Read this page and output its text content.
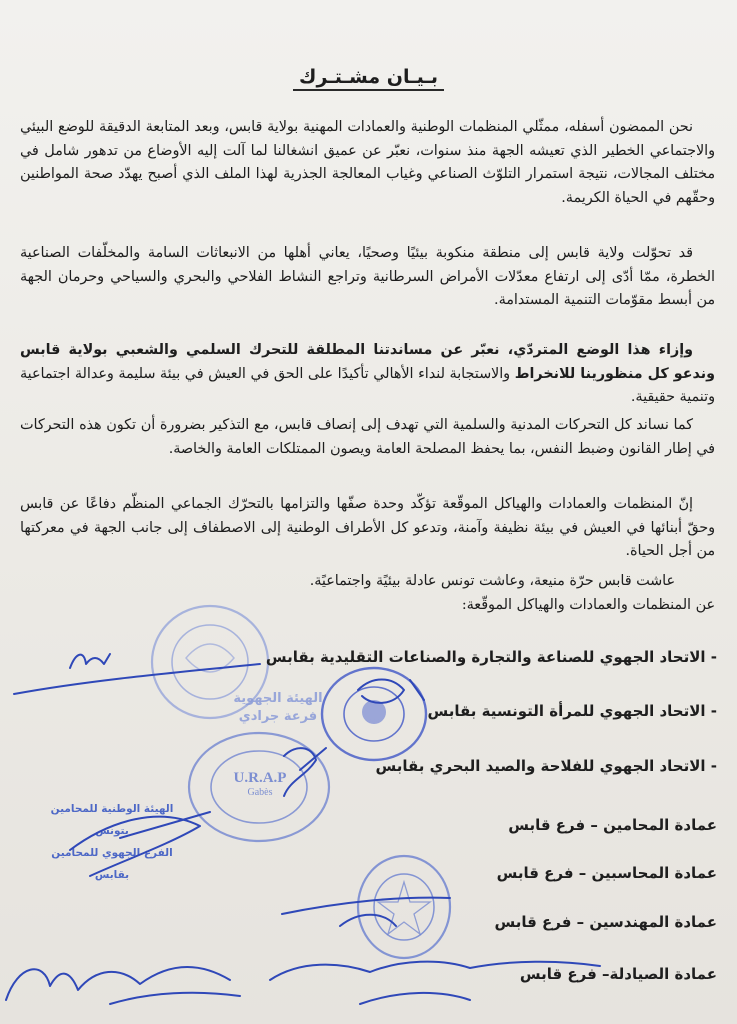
بـيـان مشـتـرك

نحن الممضون أسفله، ممثّلي المنظمات الوطنية والعمادات المهنية بولاية قابس، وبعد المتابعة الدقيقة للوضع البيئي والاجتماعي الخطير الذي تعيشه الجهة منذ سنوات، نعبّر عن عميق انشغالنا لما آلت إليه الأوضاع من تدهور شامل في مختلف المجالات، نتيجة استمرار التلوّث الصناعي وغياب المعالجة الجذرية لهذا الملف الذي أصبح يهدّد صحة المواطنين وحقّهم في الحياة الكريمة.

قد تحوّلت ولاية قابس إلى منطقة منكوبة بيئيًا وصحيًا، يعاني أهلها من الانبعاثات السامة والمخلّفات الصناعية الخطرة، ممّا أدّى إلى ارتفاع معدّلات الأمراض السرطانية وتراجع النشاط الفلاحي والبحري والسياحي وحرمان الجهة من أبسط مقوّمات التنمية المستدامة.

وإزاء هذا الوضع المتردّي، نعبّر عن مساندتنا المطلقة للتحرك السلمي والشعبي بولاية قابس وندعو كل منظورينا للانخراط والاستجابة لنداء الأهالي تأكيدًا على الحق في العيش في بيئة سليمة وعدالة اجتماعية وتنمية حقيقية.

كما نساند كل التحركات المدنية والسلمية التي تهدف إلى إنصاف قابس، مع التذكير بضرورة أن تكون هذه التحركات في إطار القانون وضبط النفس، بما يحفظ المصلحة العامة ويصون الممتلكات العامة والخاصة.

إنّ المنظمات والعمادات والهياكل الموقّعة تؤكّد وحدة صفّها والتزامها بالتحرّك الجماعي المنظّم دفاعًا عن قابس وحقّ أبنائها في العيش في بيئة نظيفة وآمنة، وتدعو كل الأطراف الوطنية إلى الاصطفاف إلى جانب الجهة في معركتها من أجل الحياة.

عاشت قابس حرّة منيعة، وعاشت تونس عادلة بيئيًة واجتماعيًة.

عن المنظمات والعمادات والهياكل الموقّعة:

الهيئة الجهوية
فرعة جرادي
U.R.A.P
Gabès
الهيئة الوطنية للمحامين بتونس
الفرع الجهوي للمحامين بقابس
- الاتحاد الجهوي للصناعة والتجارة والصناعات التقليدية بقابس
- الاتحاد الجهوي للمرأة التونسية بقابس
- الاتحاد الجهوي للفلاحة والصيد البحري بقابس
عمادة المحامين – فرع قابس
عمادة المحاسبين – فرع قابس
عمادة المهندسين – فرع قابس
عمادة الصيادلة– فرع قابس
